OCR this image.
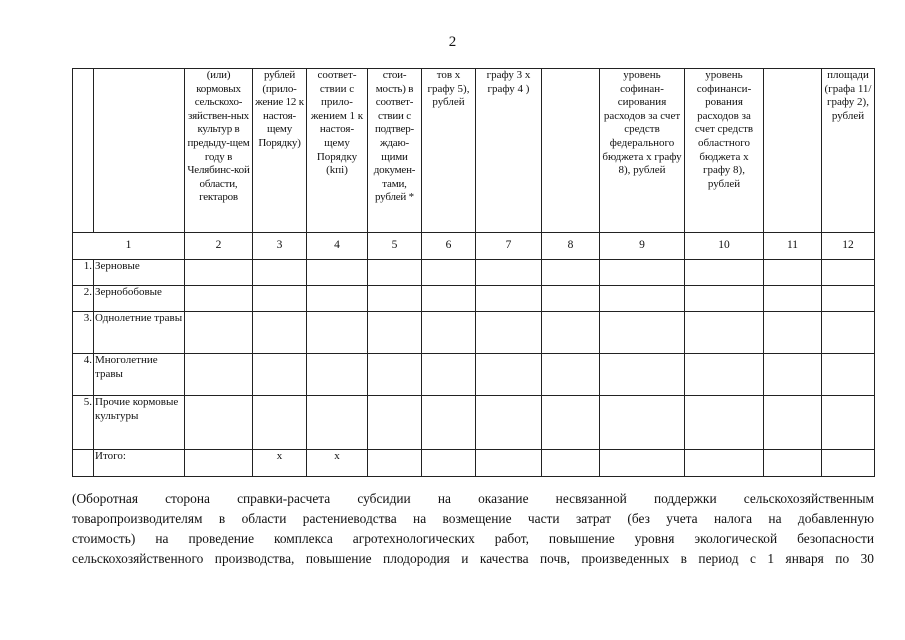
2
		(или) кормовых сельскохо-зяйствен-ных культур в предыду-щем году в Челябинс-кой области, гектаров	рублей (прило-жение 12 к настоя-щему Порядку)	соответ-ствии с прило-жением 1 к настоя-щему Порядку (kпi)	стои-мость) в соответ-ствии с подтвер-ждаю-щими докумен-тами, рублей *	тов х графу 5), рублей	графу 3 х графу 4 )		уровень софинан-сирования расходов за счет средств федерального бюджета х графу 8), рублей	уровень софинанси-рования расходов за счет средств областного бюджета х графу 8), рублей		площади (графа 11/ графу 2), рублей
1		2	3	4	5	6	7	8	9	10	11	12
1.	Зерновые											
2.	Зернобобовые											
3.	Однолетние травы											
4.	Многолетние травы											
5.	Прочие кормовые культуры											
	Итого:		х	х								
(Оборотная сторона справки-расчета субсидии на оказание несвязанной поддержки сельскохозяйственным
товаропроизводителям в области растениеводства на возмещение части затрат (без учета налога на добавленную
стоимость) на проведение комплекса агротехнологических работ, повышение уровня экологической безопасности
сельскохозяйственного производства, повышение плодородия и качества почв, произведенных в период с 1 января по 30
